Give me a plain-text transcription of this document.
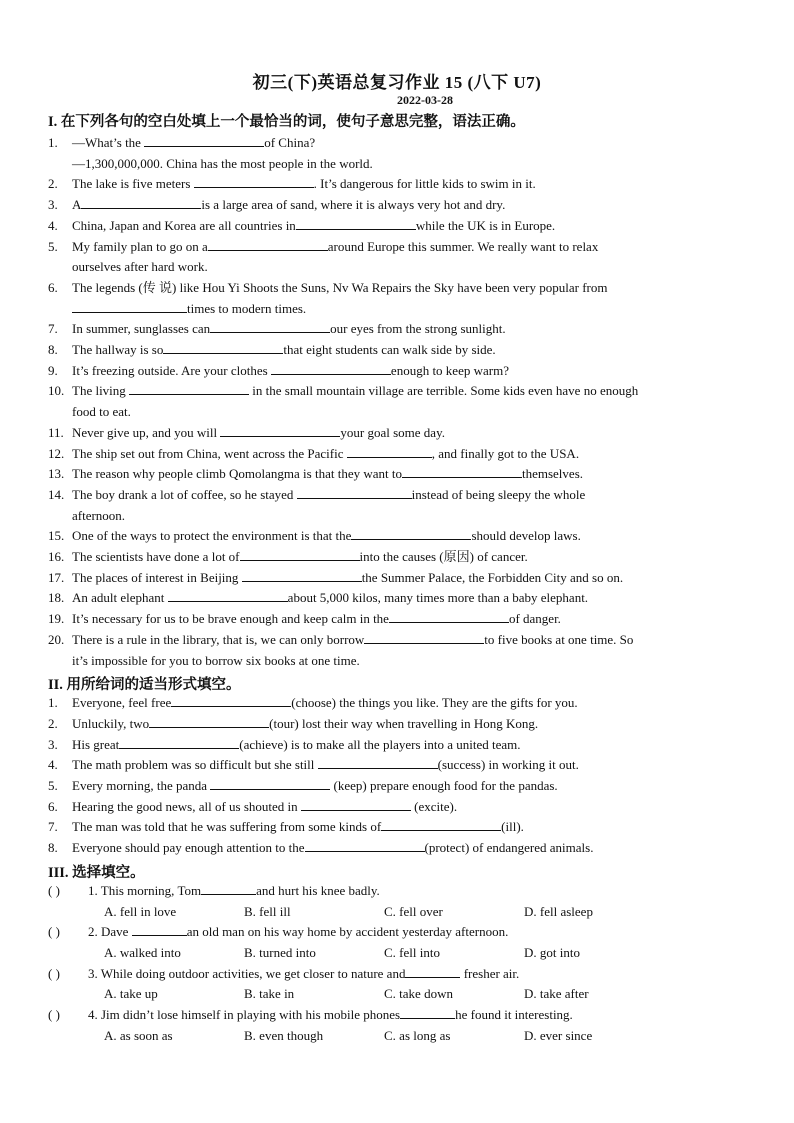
初三(下)英语总复习作业 15 (八下 U7)
2022-03-28
I. 在下列各句的空白处填上一个最恰当的词，使句子意思完整，语法正确。
1. —What’s the	of China?
—1,300,000,000. China has the most people in the world.
2. The lake is five meters	. It’s dangerous for little kids to swim in it.
3. A	is a large area of sand, where it is always very hot and dry.
4. China, Japan and Korea are all countries in	while the UK is in Europe.
5. My family plan to go on a	around Europe this summer. We really want to relax
ourselves after hard work.
6. The legends (传 说) like Hou Yi Shoots the Suns, Nv Wa Repairs the Sky have been very popular from
times to modern times.
7. In summer, sunglasses can	our eyes from the strong sunlight.
8. The hallway is so	that eight students can walk side by side.
9. It’s freezing outside. Are your clothes	enough to keep warm?
10. The living	in the small mountain village are terrible. Some kids even have no enough
food to eat.
11. Never give up, and you will	your goal some day.
12. The ship set out from China, went across the Pacific	, and finally got to the USA.
13. The reason why people climb Qomolangma is that they want to	themselves.
14. The boy drank a lot of coffee, so he stayed	instead of being sleepy the whole
afternoon.
15. One of the ways to protect the environment is that the	should develop laws.
16. The scientists have done a lot of	into the causes (原因) of cancer.
17. The places of interest in Beijing	the Summer Palace, the Forbidden City and so on.
18. An adult elephant	about 5,000 kilos, many times more than a baby elephant.
19. It’s necessary for us to be brave enough and keep calm in the	of danger.
20. There is a rule in the library, that is, we can only borrow	to five books at one time. So
it’s impossible for you to borrow six books at one time.
II. 用所给词的适当形式填空。
1. Everyone, feel free	(choose) the things you like. They are the gifts for you.
2. Unluckily, two	(tour) lost their way when travelling in Hong Kong.
3. His great	(achieve) is to make all the players into a united team.
4. The math problem was so difficult but she still	(success) in working it out.
5. Every morning, the panda	(keep) prepare enough food for the pandas.
6. Hearing the good news, all of us shouted in	(excite).
7. The man was told that he was suffering from some kinds of	(ill).
8. Everyone should pay enough attention to the	(protect) of endangered animals.
III. 选择填空。
( ) 1. This morning, Tom	and hurt his knee badly.
A. fell in love	B. fell ill	C. fell over	D. fell asleep
( ) 2. Dave	an old man on his way home by accident yesterday afternoon.
A. walked into	B. turned into	C. fell into	D. got into
( ) 3. While doing outdoor activities, we get closer to nature and	fresher air.
A. take up	B. take in	C. take down	D. take after
( ) 4. Jim didn’t lose himself in playing with his mobile phones	he found it interesting.
A. as soon as	B. even though	C. as long as	D. ever since
